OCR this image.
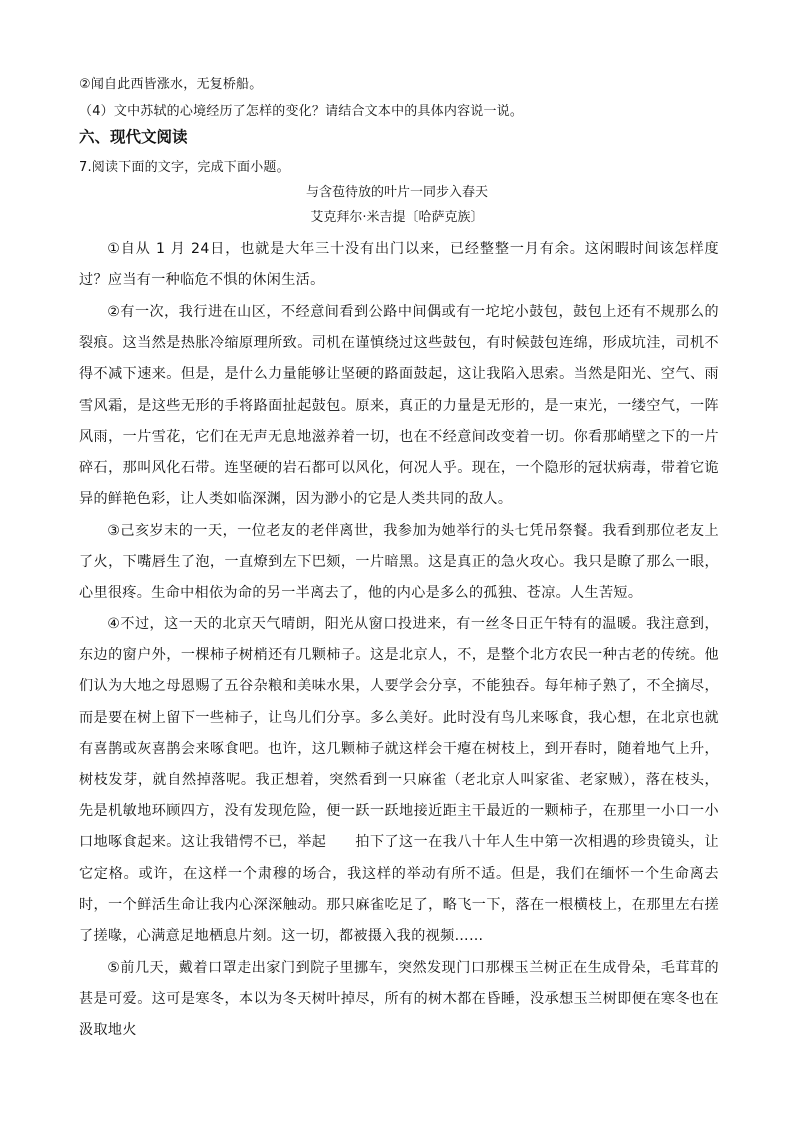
②闻自此西皆涨水，无复桥船。
（4）文中苏轼的心境经历了怎样的变化？请结合文本中的具体内容说一说。
六、现代文阅读
7.阅读下面的文字，完成下面小题。
与含苞待放的叶片一同步入春天
艾克拜尔·米吉提〔哈萨克族〕
①自从 1 月 24日，也就是大年三十没有出门以来，已经整整一月有余。这闲暇时间该怎样度过？应当有一种临危不惧的休闲生活。
②有一次，我行进在山区，不经意间看到公路中间偶或有一坨坨小鼓包，鼓包上还有不规那么的裂痕。这当然是热胀冷缩原理所致。司机在谨慎绕过这些鼓包，有时候鼓包连绵，形成坑洼，司机不得不减下速来。但是，是什么力量能够让坚硬的路面鼓起，这让我陷入思索。当然是阳光、空气、雨雪风霜，是这些无形的手将路面扯起鼓包。原来，真正的力量是无形的，是一束光，一缕空气，一阵风雨，一片雪花，它们在无声无息地滋养着一切，也在不经意间改变着一切。你看那峭壁之下的一片碎石，那叫风化石带。连坚硬的岩石都可以风化，何况人乎。现在，一个隐形的冠状病毒，带着它诡异的鲜艳色彩，让人类如临深渊，因为渺小的它是人类共同的敌人。
③己亥岁末的一天，一位老友的老伴离世，我参加为她举行的头七凭吊祭餐。我看到那位老友上了火，下嘴唇生了泡，一直燎到左下巴颏，一片暗黑。这是真正的急火攻心。我只是瞭了那么一眼，心里很疼。生命中相依为命的另一半离去了，他的内心是多么的孤独、苍凉。人生苦短。
④不过，这一天的北京天气晴朗，阳光从窗口投进来，有一丝冬日正午特有的温暖。我注意到，东边的窗户外，一棵柿子树梢还有几颗柿子。这是北京人，不，是整个北方农民一种古老的传统。他们认为大地之母恩赐了五谷杂粮和美味水果，人要学会分享，不能独吞。每年柿子熟了，不全摘尽，而是要在树上留下一些柿子，让鸟儿们分享。多么美好。此时没有鸟儿来啄食，我心想，在北京也就有喜鹊或灰喜鹊会来啄食吧。也许，这几颗柿子就这样会干瘪在树枝上，到开春时，随着地气上升，树枝发芽，就自然掉落呢。我正想着，突然看到一只麻雀（老北京人叫家雀、老家贼），落在枝头，先是机敏地环顾四方，没有发现危险，便一跃一跃地接近距主干最近的一颗柿子，在那里一小口一小口地啄食起来。这让我错愕不已，举起　　拍下了这一在我八十年人生中第一次相遇的珍贵镜头，让它定格。或许，在这样一个肃穆的场合，我这样的举动有所不适。但是，我们在缅怀一个生命离去时，一个鲜活生命让我内心深深触动。那只麻雀吃足了，略飞一下，落在一根横枝上，在那里左右搓了搓喙，心满意足地栖息片刻。这一切，都被摄入我的视频……
⑤前几天，戴着口罩走出家门到院子里挪车，突然发现门口那棵玉兰树正在生成骨朵，毛茸茸的甚是可爱。这可是寒冬，本以为冬天树叶掉尽，所有的树木都在昏睡，没承想玉兰树即便在寒冬也在汲取地火
